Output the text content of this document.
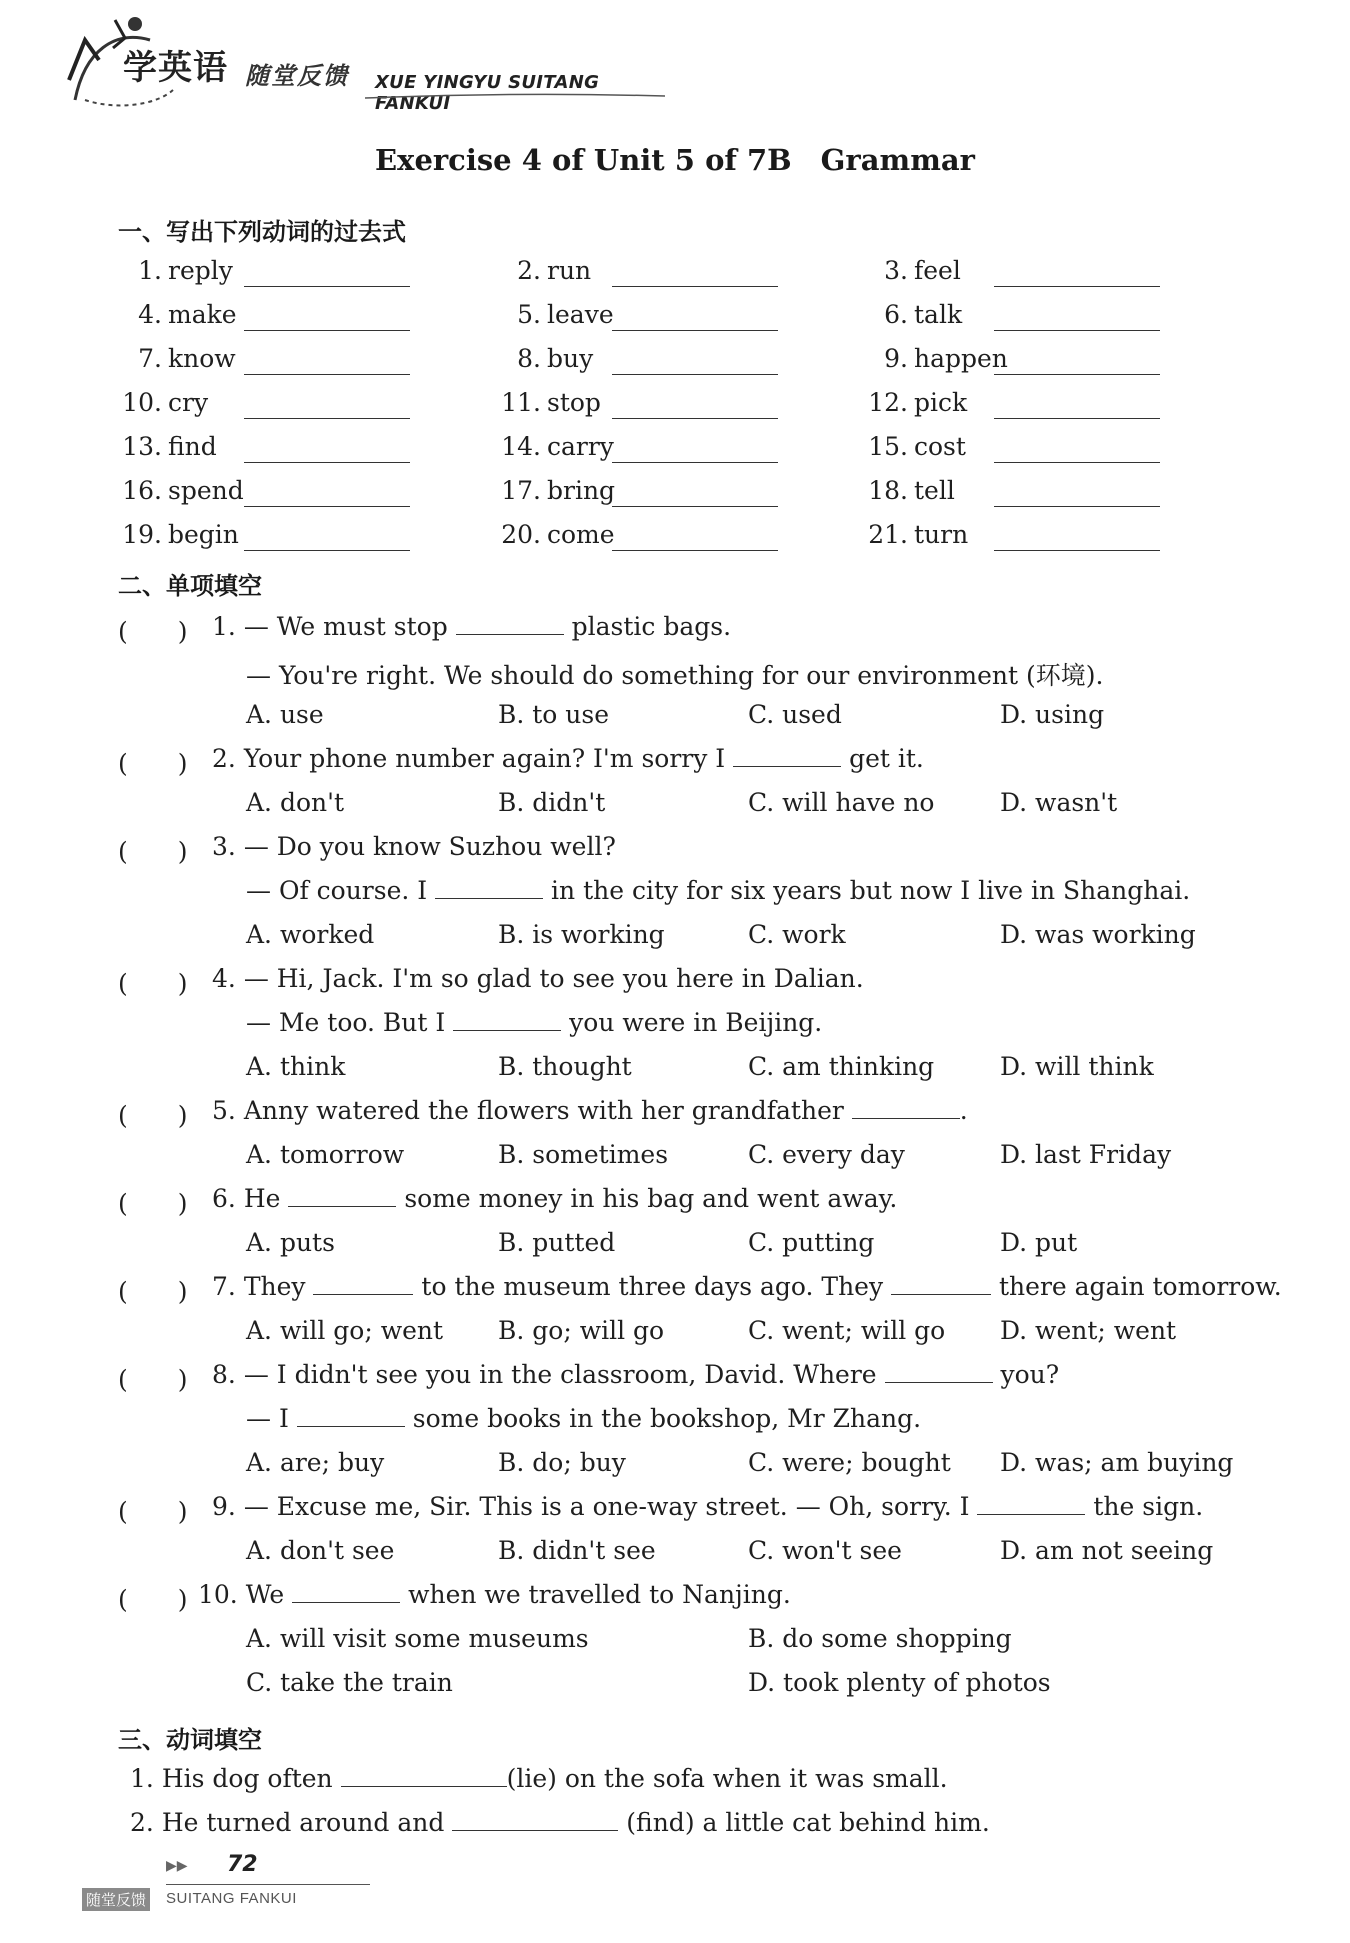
学英语 随堂反馈 XUE YINGYU SUITANG FANKUI
Exercise 4 of Unit 5 of 7B　Grammar
一、写出下列动词的过去式
1. reply	2. run	3. feel
4. make	5. leave	6. talk
7. know	8. buy	9. happen
10. cry	11. stop	12. pick
13. find	14. carry	15. cost
16. spend	17. bring	18. tell
19. begin	20. come	21. turn
二、单项填空
(　　) 1. — We must stop	plastic bags.
— You're right. We should do something for our environment (环境).
A. use	B. to use	C. used	D. using
(　　) 2. Your phone number again? I'm sorry I	get it.
A. don't	B. didn't	C. will have no	D. wasn't
(　　) 3. — Do you know Suzhou well?
— Of course. I	in the city for six years but now I live in Shanghai.
A. worked	B. is working	C. work	D. was working
(　　) 4. — Hi, Jack. I'm so glad to see you here in Dalian.
— Me too. But I	you were in Beijing.
A. think	B. thought	C. am thinking	D. will think
(　　) 5. Anny watered the flowers with her grandfather	.
A. tomorrow	B. sometimes	C. every day	D. last Friday
(　　) 6. He	some money in his bag and went away.
A. puts	B. putted	C. putting	D. put
(　　) 7. They	to the museum three days ago. They	there again tomorrow.
A. will go; went B. go; will go	C. went; will go D. went; went
(　　) 8. — I didn't see you in the classroom, David. Where	you?
— I	some books in the bookshop, Mr Zhang.
A. are; buy	B. do; buy	C. were; bought D. was; am buying
(　　) 9. — Excuse me, Sir. This is a one-way street. — Oh, sorry. I	the sign.
A. don't see	B. didn't see	C. won't see	D. am not seeing
(　　) 10. We	when we travelled to Nanjing.
A. will visit some museums	B. do some shopping
C. take the train	D. took plenty of photos
三、动词填空
1. His dog often	(lie) on the sofa when it was small.
2. He turned around and	(find) a little cat behind him.
▶▶ 72
随堂反馈 SUITANG FANKUI
